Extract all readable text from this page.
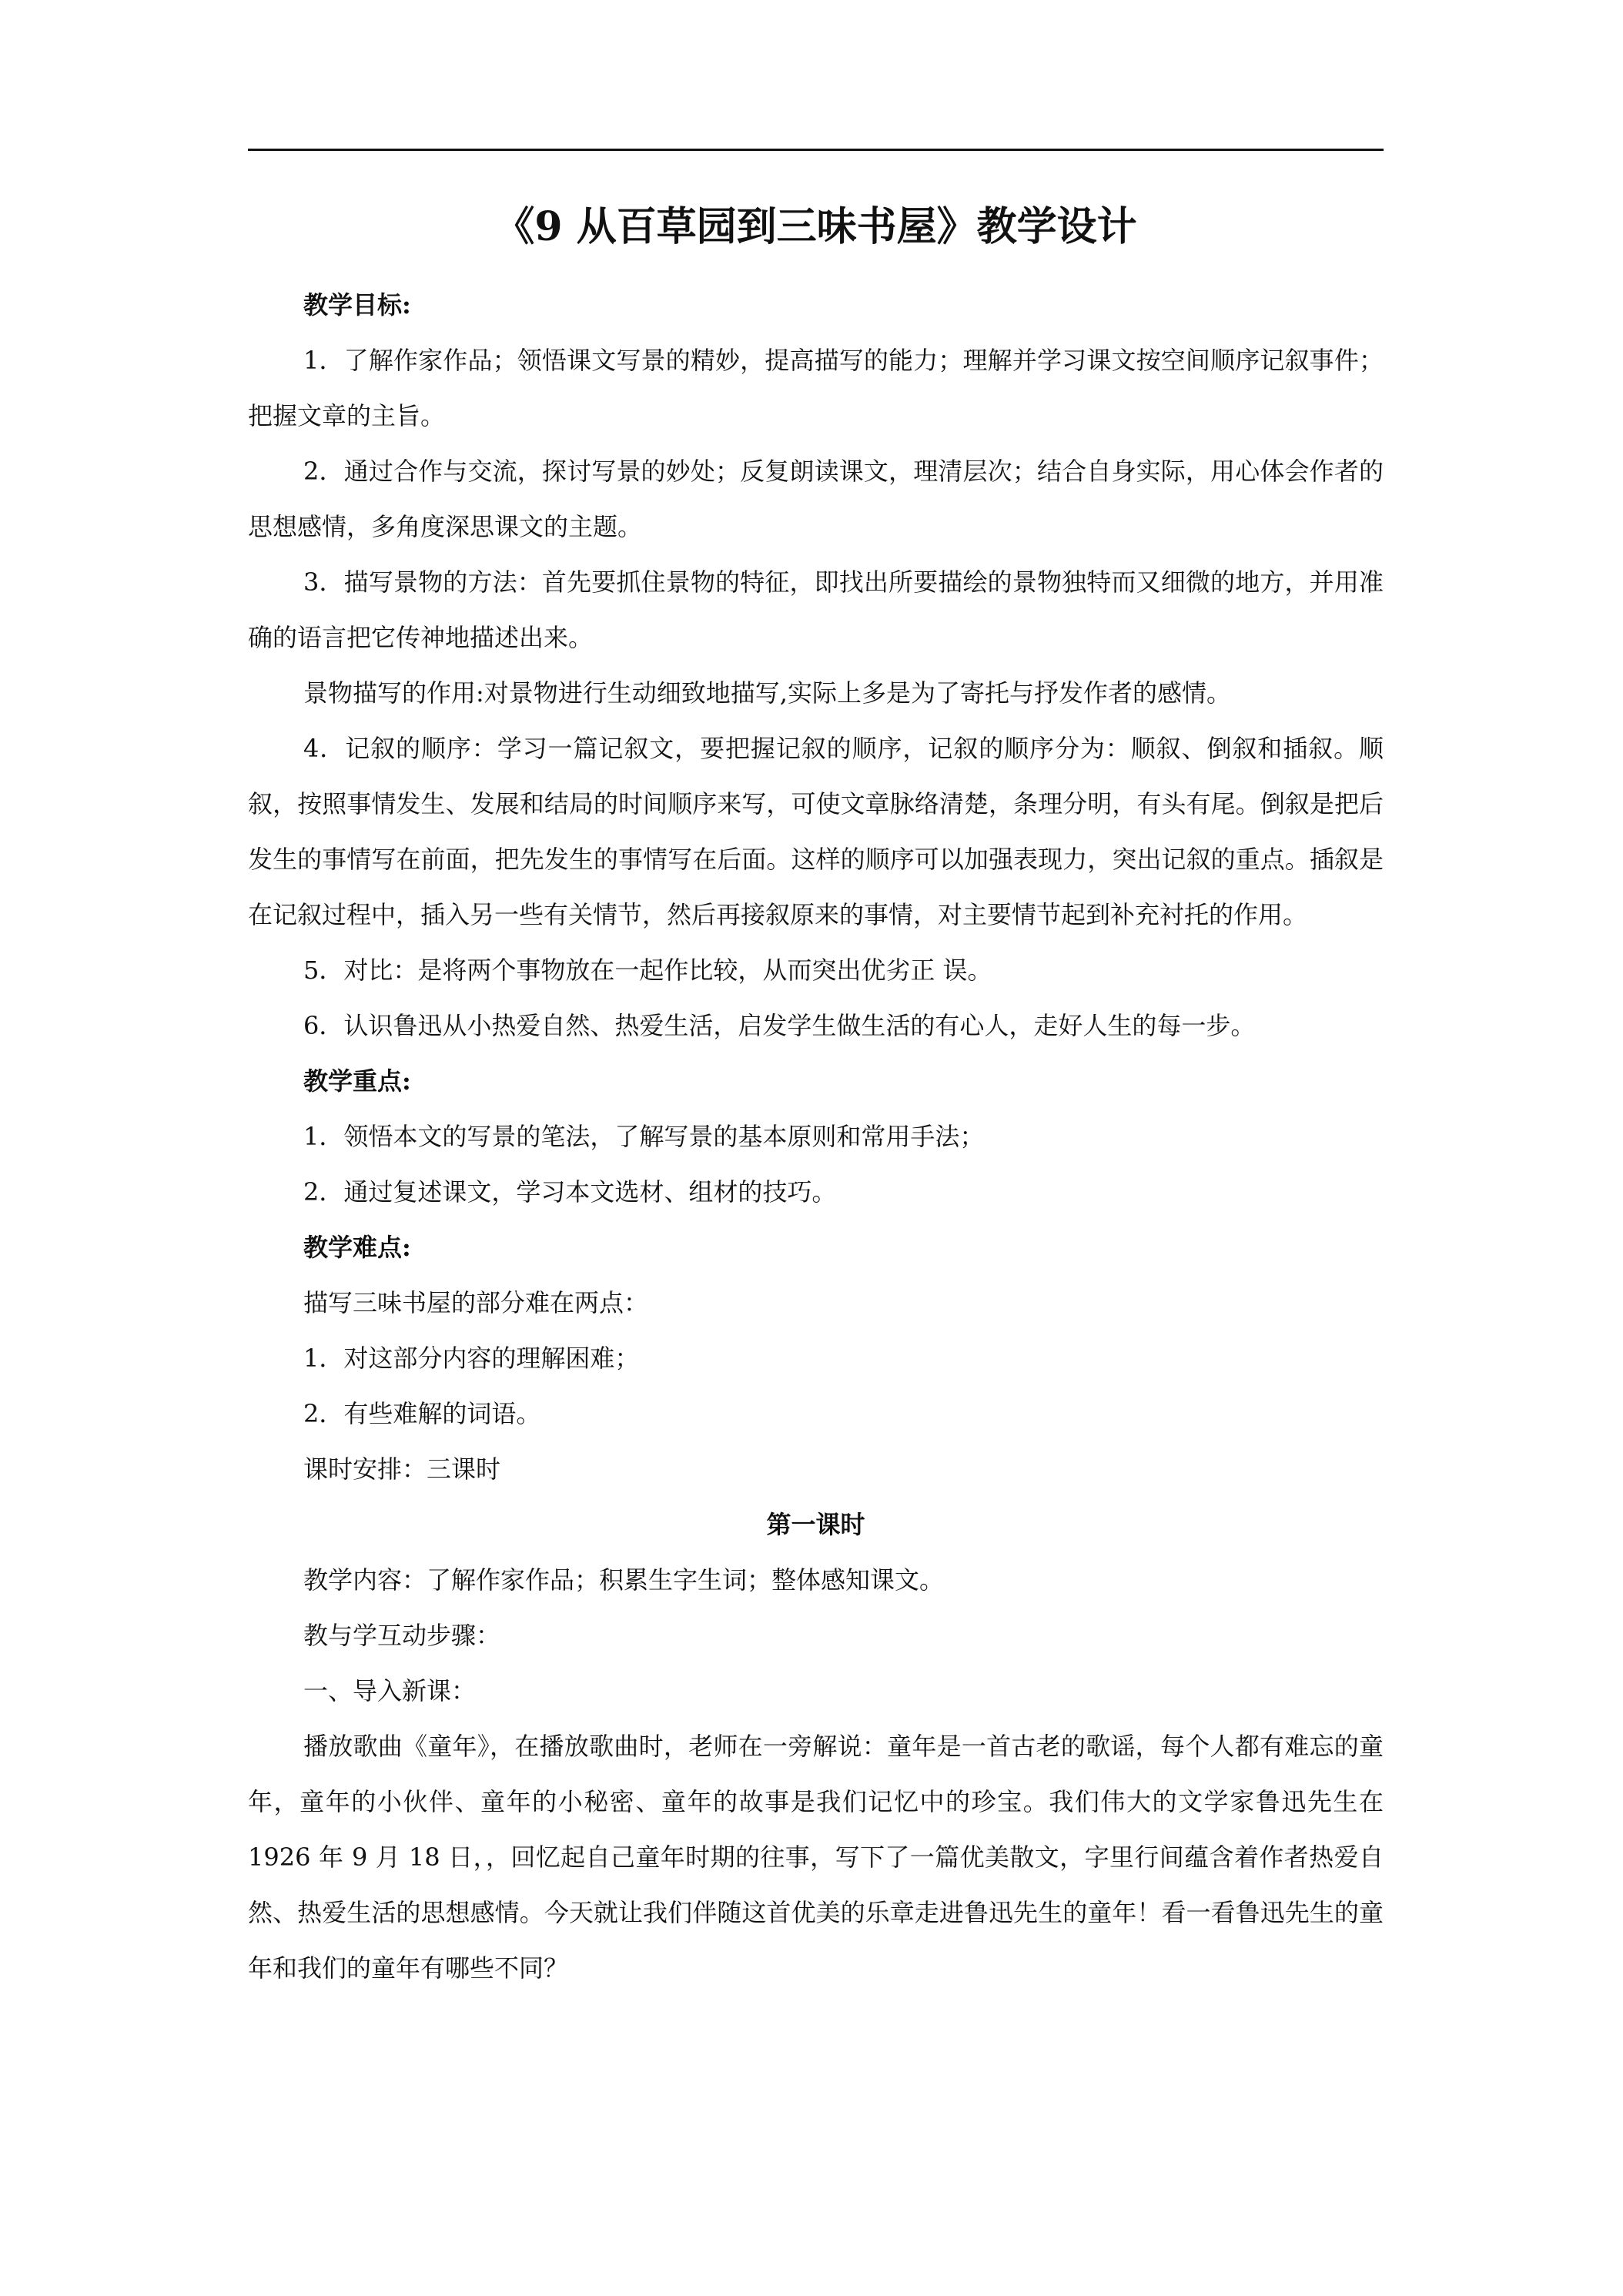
《9 从百草园到三味书屋》教学设计

教学目标:

1．了解作家作品；领悟课文写景的精妙，提高描写的能力；理解并学习课文按空间顺序记叙事件；把握文章的主旨。

2．通过合作与交流，探讨写景的妙处；反复朗读课文，理清层次；结合自身实际，用心体会作者的思想感情，多角度深思课文的主题。

3．描写景物的方法：首先要抓住景物的特征，即找出所要描绘的景物独特而又细微的地方，并用准确的语言把它传神地描述出来。

景物描写的作用:对景物进行生动细致地描写,实际上多是为了寄托与抒发作者的感情。

4．记叙的顺序：学习一篇记叙文，要把握记叙的顺序，记叙的顺序分为：顺叙、倒叙和插叙。顺叙，按照事情发生、发展和结局的时间顺序来写，可使文章脉络清楚，条理分明，有头有尾。倒叙是把后发生的事情写在前面，把先发生的事情写在后面。这样的顺序可以加强表现力，突出记叙的重点。插叙是在记叙过程中，插入另一些有关情节，然后再接叙原来的事情，对主要情节起到补充衬托的作用。

5．对比：是将两个事物放在一起作比较，从而突出优劣正 误。

6．认识鲁迅从小热爱自然、热爱生活，启发学生做生活的有心人，走好人生的每一步。

教学重点:

1．领悟本文的写景的笔法，了解写景的基本原则和常用手法；

2．通过复述课文，学习本文选材、组材的技巧。

教学难点:

描写三味书屋的部分难在两点：

1．对这部分内容的理解困难；

2．有些难解的词语。

课时安排：三课时

第一课时

教学内容：了解作家作品；积累生字生词；整体感知课文。

教与学互动步骤：

一、导入新课：

播放歌曲《童年》，在播放歌曲时，老师在一旁解说：童年是一首古老的歌谣，每个人都有难忘的童年，童年的小伙伴、童年的小秘密、童年的故事是我们记忆中的珍宝。我们伟大的文学家鲁迅先生在 1926 年 9 月 18 日，，回忆起自己童年时期的往事，写下了一篇优美散文，字里行间蕴含着作者热爱自然、热爱生活的思想感情。今天就让我们伴随这首优美的乐章走进鲁迅先生的童年！看一看鲁迅先生的童年和我们的童年有哪些不同？
